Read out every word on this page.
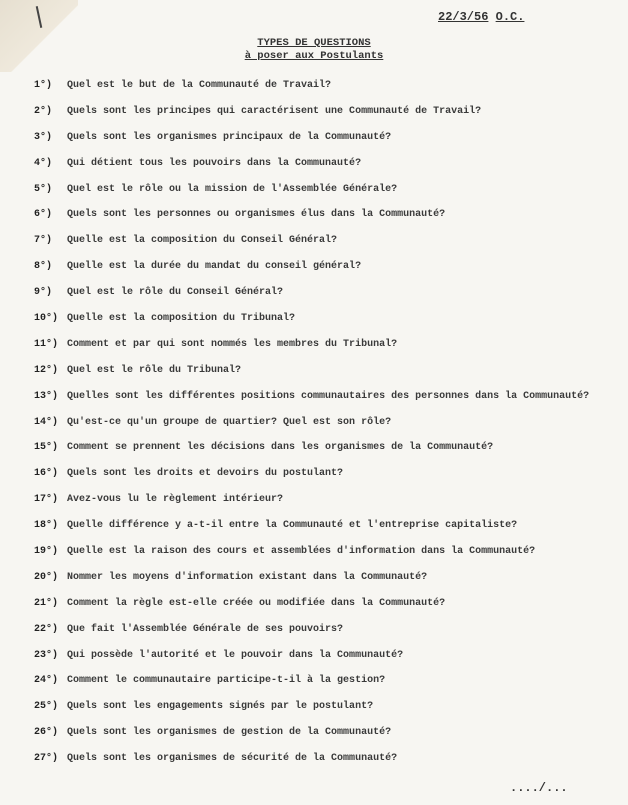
22/3/56 O.C.
TYPES DE QUESTIONS
à poser aux Postulants
1°) Quel est le but de la Communauté de Travail?
2°) Quels sont les principes qui caractérisent une Communauté de Travail?
3°) Quels sont les organismes principaux de la Communauté?
4°) Qui détient tous les pouvoirs dans la Communauté?
5°) Quel est le rôle ou la mission de l'Assemblée Générale?
6°) Quels sont les personnes ou organismes élus dans la Communauté?
7°) Quelle est la composition du Conseil Général?
8°) Quelle est la durée du mandat du conseil général?
9°) Quel est le rôle du Conseil Général?
10°) Quelle est la composition du Tribunal?
11°) Comment et par qui sont nommés les membres du Tribunal?
12°) Quel est le rôle du Tribunal?
13°) Quelles sont les différentes positions communautaires des personnes dans la Communauté?
14°) Qu'est-ce qu'un groupe de quartier? Quel est son rôle?
15°) Comment se prennent les décisions dans les organismes de la Communauté?
16°) Quels sont les droits et devoirs du postulant?
17°) Avez-vous lu le règlement intérieur?
18°) Quelle différence y a-t-il entre la Communauté et l'entreprise capitaliste?
19°) Quelle est la raison des cours et assemblées d'information dans la Communauté?
20°) Nommer les moyens d'information existant dans la Communauté?
21°) Comment la règle est-elle créée ou modifiée dans la Communauté?
22°) Que fait l'Assemblée Générale de ses pouvoirs?
23°) Qui possède l'autorité et le pouvoir dans la Communauté?
24°) Comment le communautaire participe-t-il à la gestion?
25°) Quels sont les engagements signés par le postulant?
26°) Quels sont les organismes de gestion de la Communauté?
27°) Quels sont les organismes de sécurité de la Communauté?
..../...
